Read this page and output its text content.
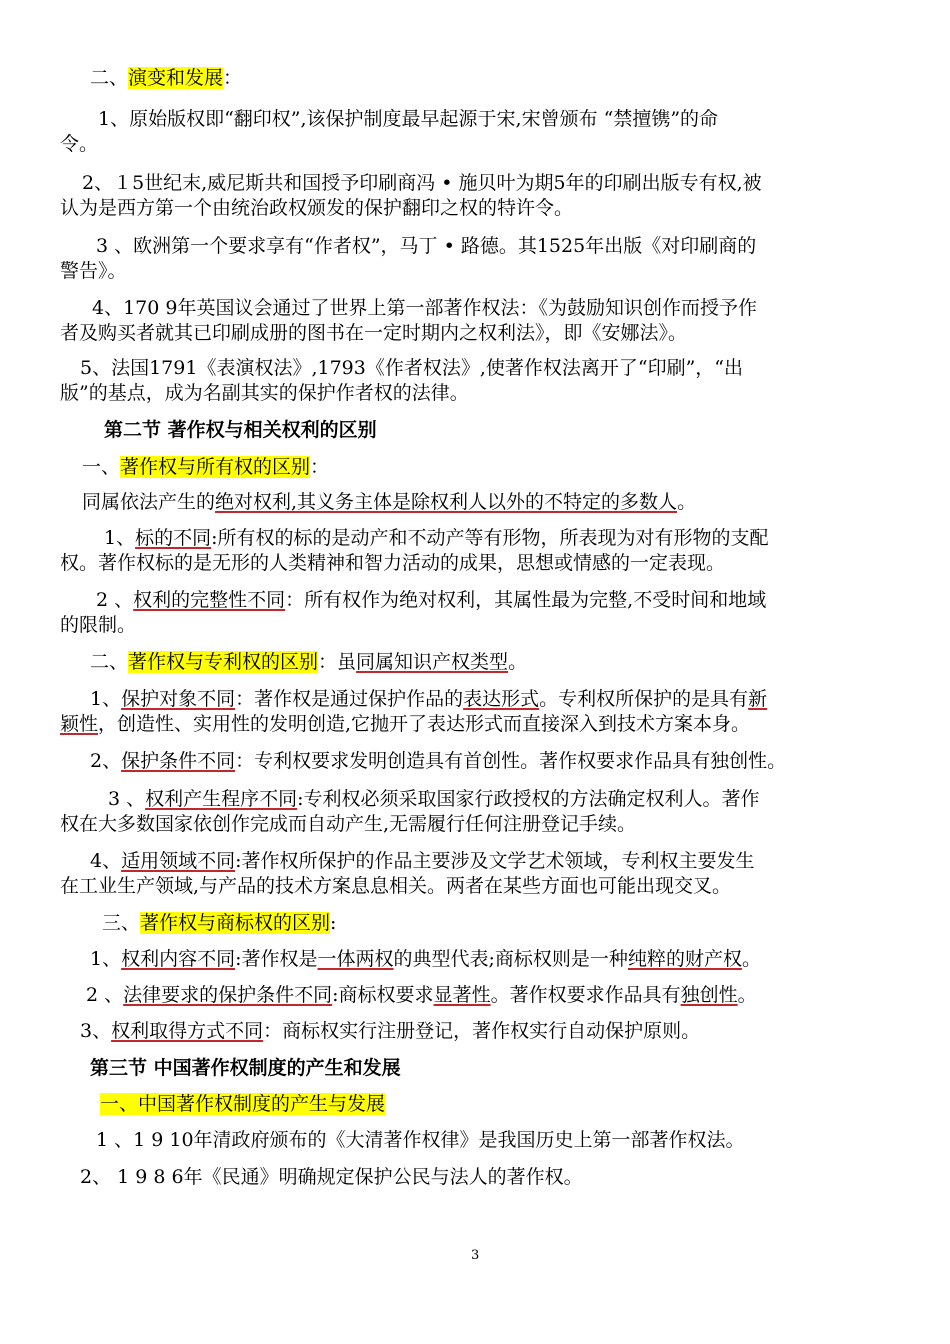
二、演变和发展：
1、原始版权即“翻印权”,该保护制度最早起源于宋,宋曾颁布 “禁擅镌”的命
令。
2、１5世纪末,威尼斯共和国授予印刷商冯 • 施贝叶为期5年的印刷出版专有权,被
认为是西方第一个由统治政权颁发的保护翻印之权的特许令。
3 、欧洲第一个要求享有“作者权”，马丁 • 路德。其1525年出版《对印刷商的
警告》。
4、170 9年英国议会通过了世界上第一部著作权法：《为鼓励知识创作而授予作
者及购买者就其已印刷成册的图书在一定时期内之权利法》，即《安娜法》。
5、法国1791《表演权法》,1793《作者权法》,使著作权法离开了“印刷”，“出
版”的基点，成为名副其实的保护作者权的法律。
第二节 著作权与相关权利的区别
一、著作权与所有权的区别：
同属依法产生的绝对权利,其义务主体是除权利人以外的不特定的多数人。
1、标的不同:所有权的标的是动产和不动产等有形物，所表现为对有形物的支配
权。著作权标的是无形的人类精神和智力活动的成果，思想或情感的一定表现。
2 、权利的完整性不同：所有权作为绝对权利，其属性最为完整,不受时间和地域
的限制。
二、著作权与专利权的区别：虽同属知识产权类型。
1、保护对象不同：著作权是通过保护作品的表达形式。专利权所保护的是具有新
颖性，创造性、实用性的发明创造,它抛开了表达形式而直接深入到技术方案本身。
2、保护条件不同：专利权要求发明创造具有首创性。著作权要求作品具有独创性。
3 、权利产生程序不同:专利权必须采取国家行政授权的方法确定权利人。著作
权在大多数国家依创作完成而自动产生,无需履行任何注册登记手续。
4、适用领域不同:著作权所保护的作品主要涉及文学艺术领域，专利权主要发生
在工业生产领域,与产品的技术方案息息相关。两者在某些方面也可能出现交叉。
三、著作权与商标权的区别:
1、权利内容不同:著作权是一体两权的典型代表;商标权则是一种纯粹的财产权。
2 、法律要求的保护条件不同:商标权要求显著性。著作权要求作品具有独创性。
3、权利取得方式不同：商标权实行注册登记，著作权实行自动保护原则。
第三节 中国著作权制度的产生和发展
一、中国著作权制度的产生与发展
1 、1 9 10年清政府颁布的《大清著作权律》是我国历史上第一部著作权法。
2、 1 9 8 6年《民通》明确规定保护公民与法人的著作权。
3
